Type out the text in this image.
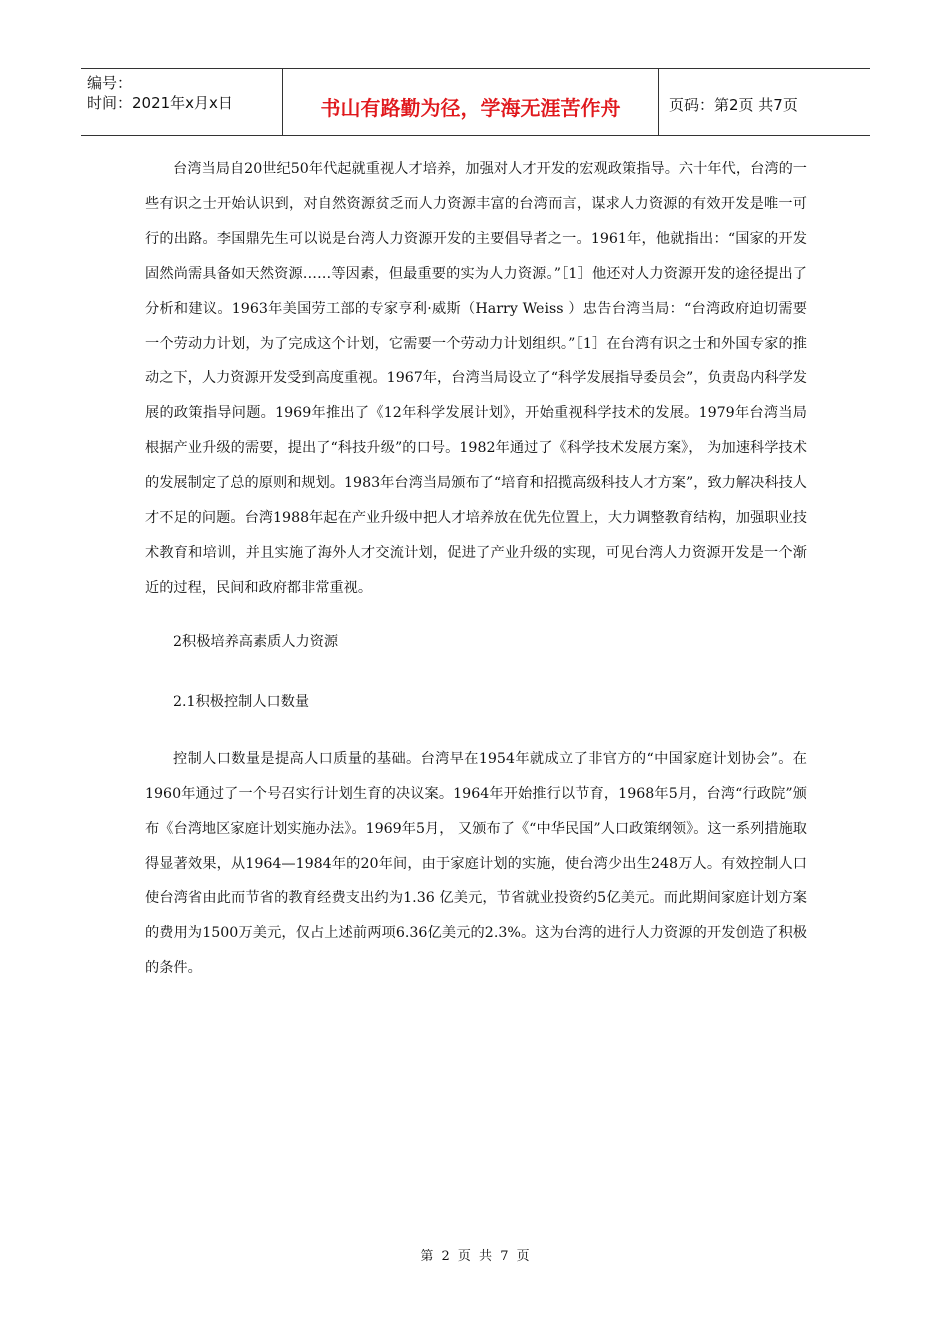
编号：
时间：2021年x月x日	书山有路勤为径，学海无涯苦作舟	页码：第2页 共7页

台湾当局自20世纪50年代起就重视人才培养，加强对人才开发的宏观政策指导。六十年代，台湾的一些有识之士开始认识到，对自然资源贫乏而人力资源丰富的台湾而言，谋求人力资源的有效开发是唯一可行的出路。李国鼎先生可以说是台湾人力资源开发的主要倡导者之一。1961年，他就指出：“国家的开发固然尚需具备如天然资源……等因素，但最重要的实为人力资源。”［1］他还对人力资源开发的途径提出了分析和建议。1963年美国劳工部的专家亨利·威斯（Harry Weiss ）忠告台湾当局：“台湾政府迫切需要一个劳动力计划，为了完成这个计划，它需要一个劳动力计划组织。”［1］在台湾有识之士和外国专家的推动之下，人力资源开发受到高度重视。1967年，台湾当局设立了“科学发展指导委员会”，负责岛内科学发展的政策指导问题。1969年推出了《12年科学发展计划》，开始重视科学技术的发展。1979年台湾当局根据产业升级的需要，提出了“科技升级”的口号。1982年通过了《科学技术发展方案》， 为加速科学技术的发展制定了总的原则和规划。1983年台湾当局颁布了“培育和招揽高级科技人才方案”，致力解决科技人才不足的问题。台湾1988年起在产业升级中把人才培养放在优先位置上，大力调整教育结构，加强职业技术教育和培训，并且实施了海外人才交流计划，促进了产业升级的实现，可见台湾人力资源开发是一个渐近的过程，民间和政府都非常重视。

2积极培养高素质人力资源

2.1积极控制人口数量

控制人口数量是提高人口质量的基础。台湾早在1954年就成立了非官方的“中国家庭计划协会”。在1960年通过了一个号召实行计划生育的决议案。1964年开始推行以节育，1968年5月，台湾“行政院”颁布《台湾地区家庭计划实施办法》。1969年5月， 又颁布了《“中华民国”人口政策纲领》。这一系列措施取得显著效果，从1964—1984年的20年间，由于家庭计划的实施，使台湾少出生248万人。有效控制人口使台湾省由此而节省的教育经费支出约为1.36 亿美元，节省就业投资约5亿美元。而此期间家庭计划方案的费用为1500万美元，仅占上述前两项6.36亿美元的2.3%。这为台湾的进行人力资源的开发创造了积极的条件。

第 2 页 共 7 页
